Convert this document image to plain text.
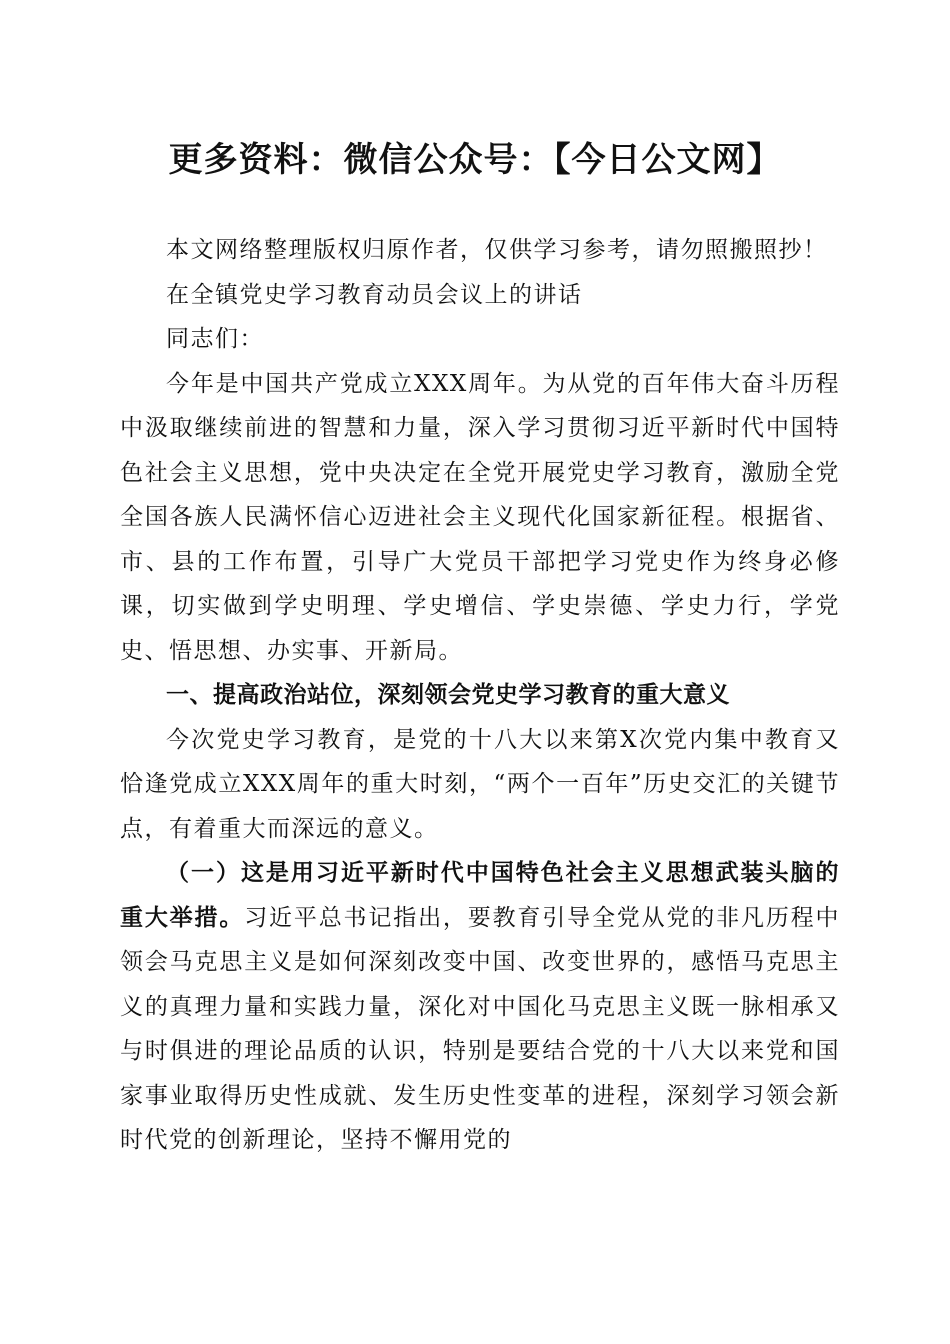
更多资料：微信公众号：【今日公文网】

本文网络整理版权归原作者，仅供学习参考，请勿照搬照抄！

在全镇党史学习教育动员会议上的讲话

同志们：

今年是中国共产党成立XXX周年。为从党的百年伟大奋斗历程中汲取继续前进的智慧和力量，深入学习贯彻习近平新时代中国特色社会主义思想，党中央决定在全党开展党史学习教育，激励全党全国各族人民满怀信心迈进社会主义现代化国家新征程。根据省、市、县的工作布置，引导广大党员干部把学习党史作为终身必修课，切实做到学史明理、学史增信、学史崇德、学史力行，学党史、悟思想、办实事、开新局。

一、提高政治站位，深刻领会党史学习教育的重大意义

今次党史学习教育，是党的十八大以来第X次党内集中教育又恰逢党成立XXX周年的重大时刻，“两个一百年”历史交汇的关键节点，有着重大而深远的意义。

（一）这是用习近平新时代中国特色社会主义思想武装头脑的重大举措。习近平总书记指出，要教育引导全党从党的非凡历程中领会马克思主义是如何深刻改变中国、改变世界的，感悟马克思主义的真理力量和实践力量，深化对中国化马克思主义既一脉相承又与时俱进的理论品质的认识，特别是要结合党的十八大以来党和国家事业取得历史性成就、发生历史性变革的进程，深刻学习领会新时代党的创新理论，坚持不懈用党的
